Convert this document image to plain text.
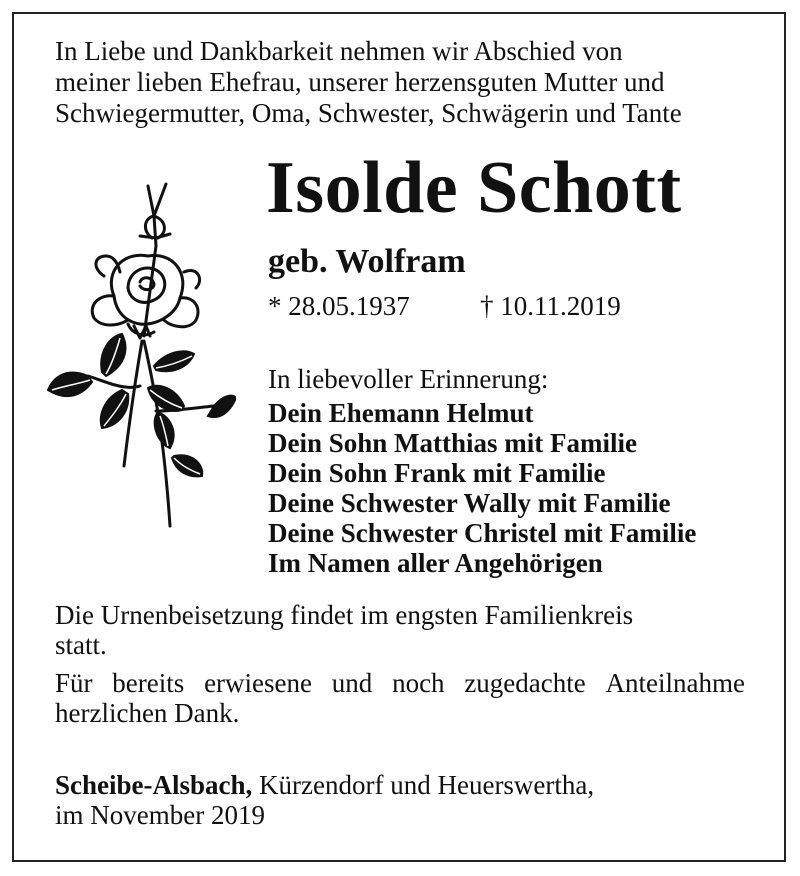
In Liebe und Dankbarkeit nehmen wir Abschied von
meiner lieben Ehefrau, unserer herzensguten Mutter und
Schwiegermutter, Oma, Schwester, Schwägerin und Tante
Isolde Schott
geb. Wolfram
* 28.05.1937	† 10.11.2019
In liebevoller Erinnerung:
Dein Ehemann Helmut
Dein Sohn Matthias mit Familie
Dein Sohn Frank mit Familie
Deine Schwester Wally mit Familie
Deine Schwester Christel mit Familie
Im Namen aller Angehörigen
Die Urnenbeisetzung findet im engsten Familienkreis
statt.
Für bereits erwiesene und noch zugedachte Anteilnahme
herzlichen Dank.
Scheibe-Alsbach, Kürzendorf und Heuerswertha,
im November 2019
